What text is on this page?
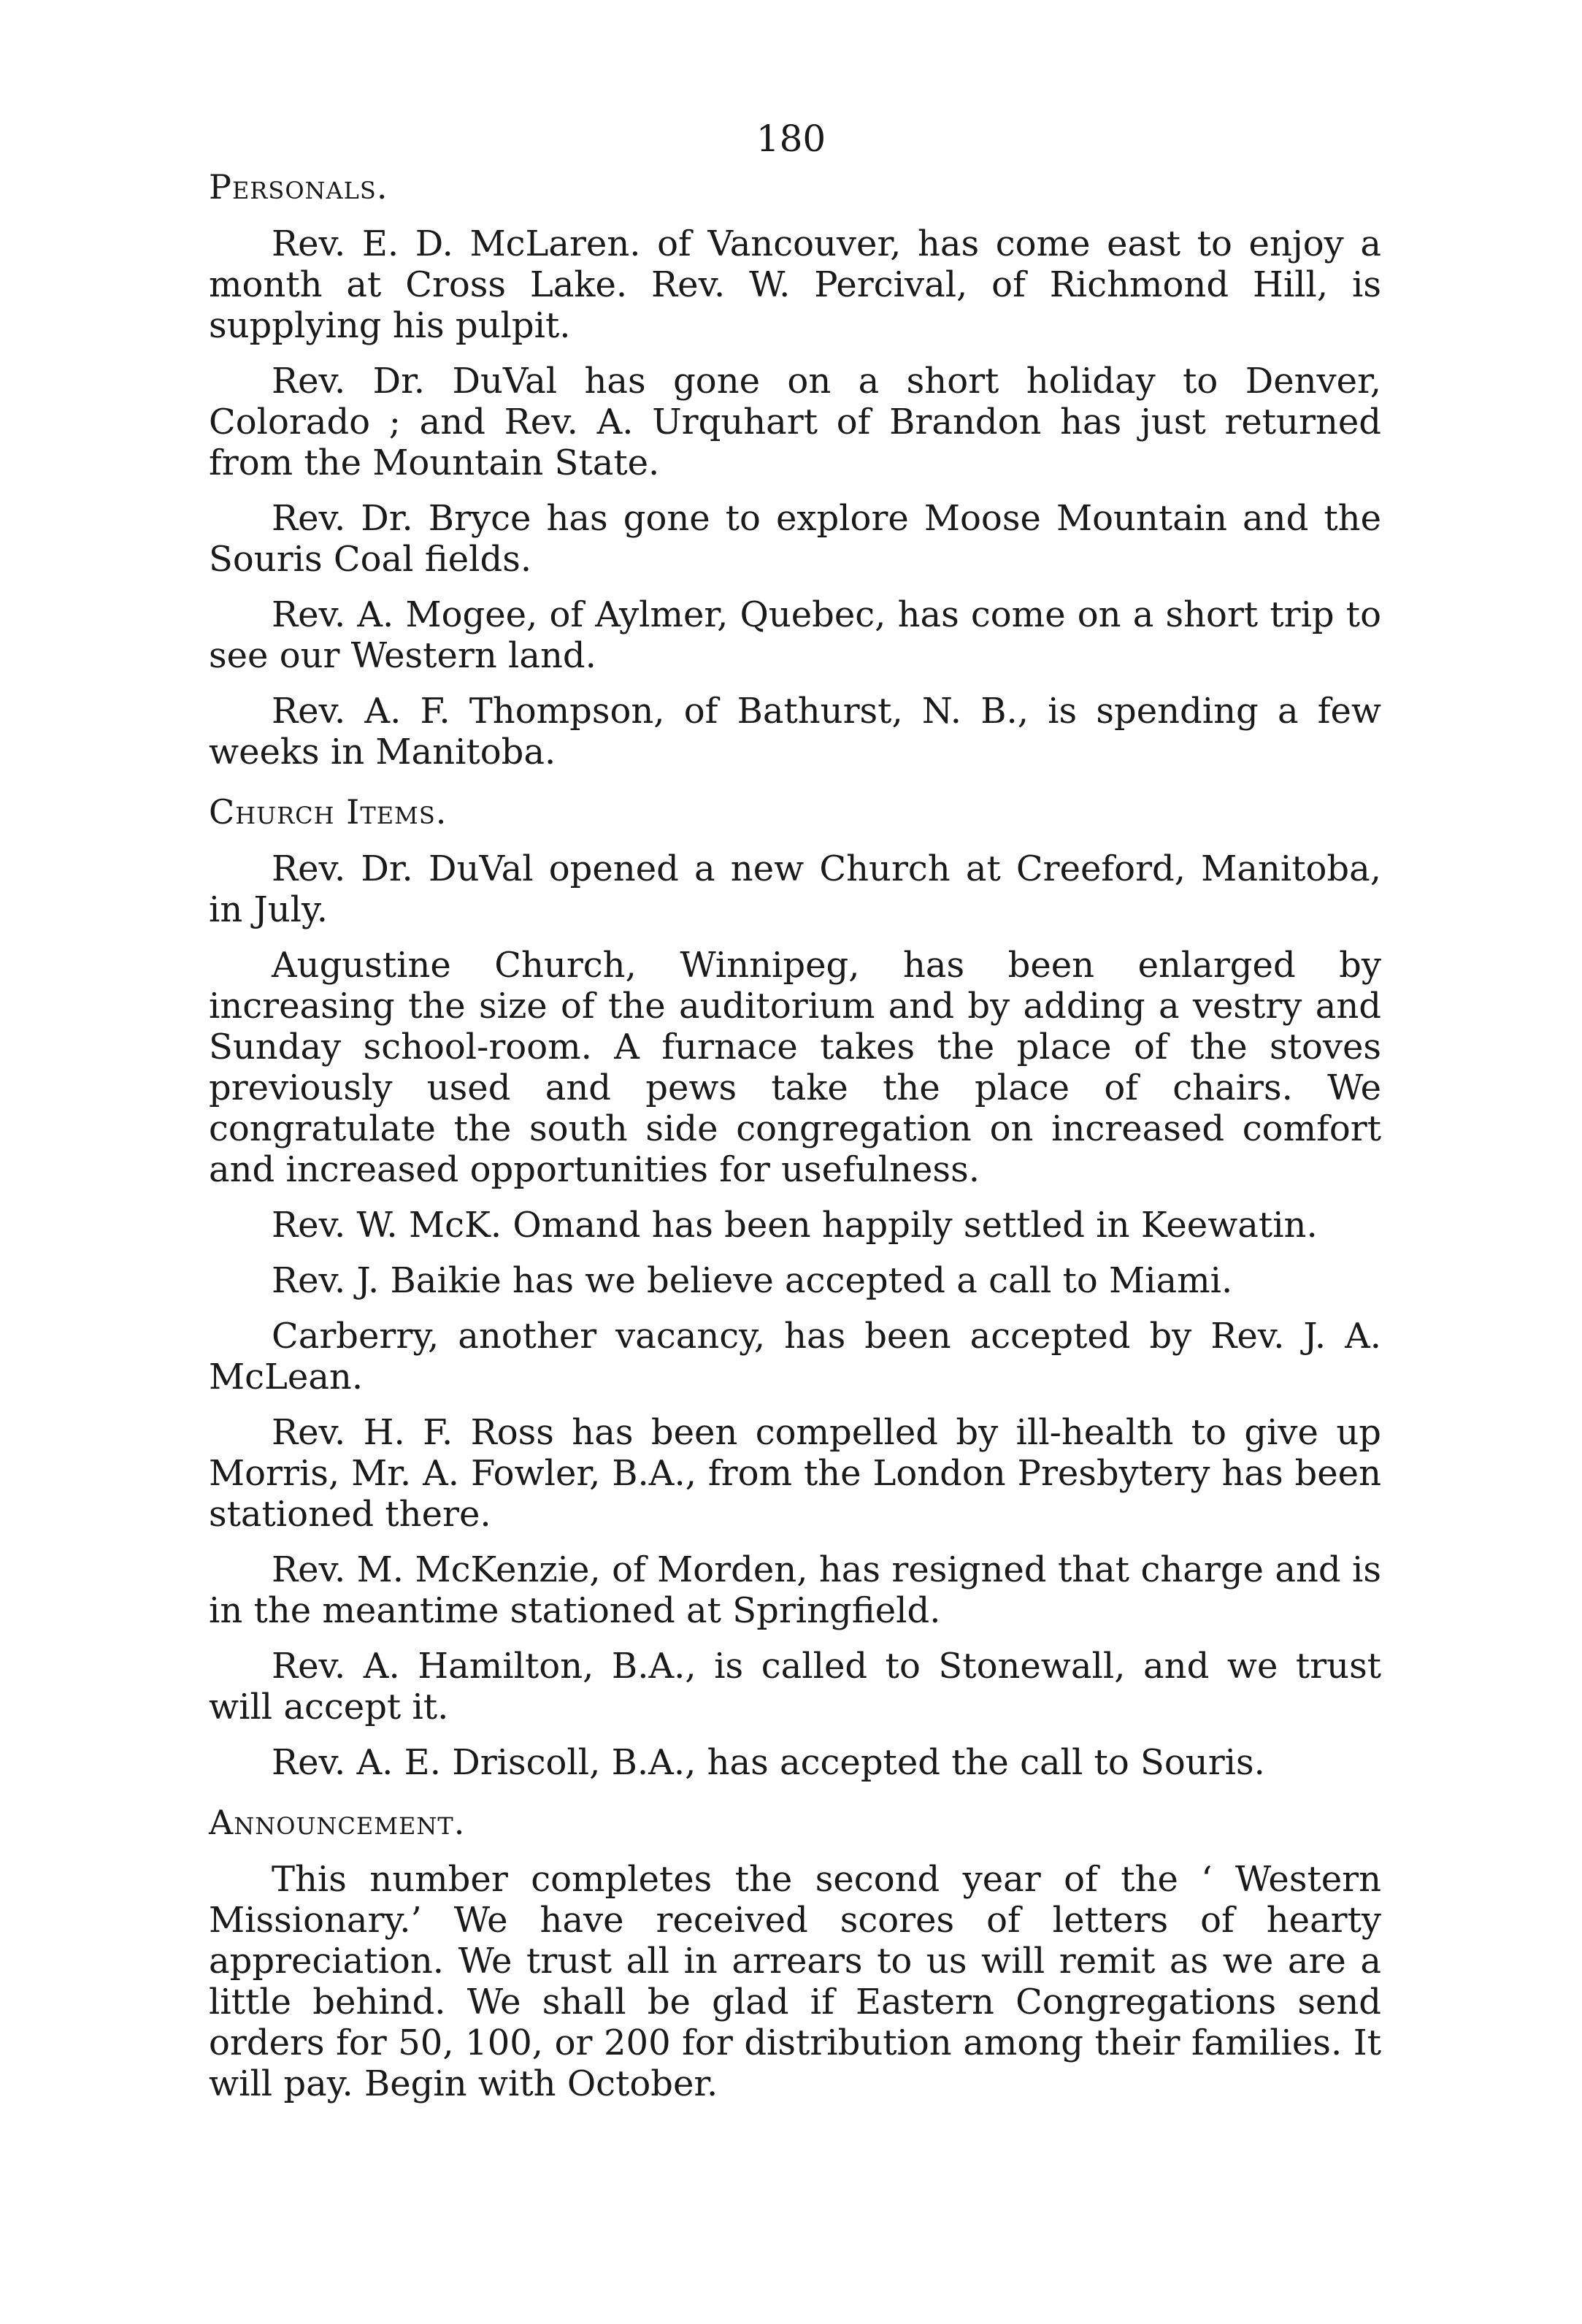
180
Personals.

Rev. E. D. McLaren. of Vancouver, has come east to enjoy a month at Cross Lake. Rev. W. Percival, of Richmond Hill, is supplying his pulpit.

Rev. Dr. DuVal has gone on a short holiday to Denver, Colorado ; and Rev. A. Urquhart of Brandon has just returned from the Mountain State.

Rev. Dr. Bryce has gone to explore Moose Mountain and the Souris Coal fields.

Rev. A. Mogee, of Aylmer, Quebec, has come on a short trip to see our Western land.

Rev. A. F. Thompson, of Bathurst, N. B., is spending a few weeks in Manitoba.

Church Items.

Rev. Dr. DuVal opened a new Church at Creeford, Manitoba, in July.

Augustine Church, Winnipeg, has been enlarged by increasing the size of the auditorium and by adding a vestry and Sunday school-room. A furnace takes the place of the stoves previously used and pews take the place of chairs. We congratulate the south side congregation on increased comfort and increased opportunities for usefulness.

Rev. W. McK. Omand has been happily settled in Keewatin.

Rev. J. Baikie has we believe accepted a call to Miami.

Carberry, another vacancy, has been accepted by Rev. J. A. McLean.

Rev. H. F. Ross has been compelled by ill-health to give up Morris, Mr. A. Fowler, B.A., from the London Presbytery has been stationed there.

Rev. M. McKenzie, of Morden, has resigned that charge and is in the meantime stationed at Springfield.

Rev. A. Hamilton, B.A., is called to Stonewall, and we trust will accept it.

Rev. A. E. Driscoll, B.A., has accepted the call to Souris.

Announcement.

This number completes the second year of the ‘ Western Missionary.’ We have received scores of letters of hearty appreciation. We trust all in arrears to us will remit as we are a little behind. We shall be glad if Eastern Congregations send orders for 50, 100, or 200 for distribution among their families. It will pay. Begin with October.
